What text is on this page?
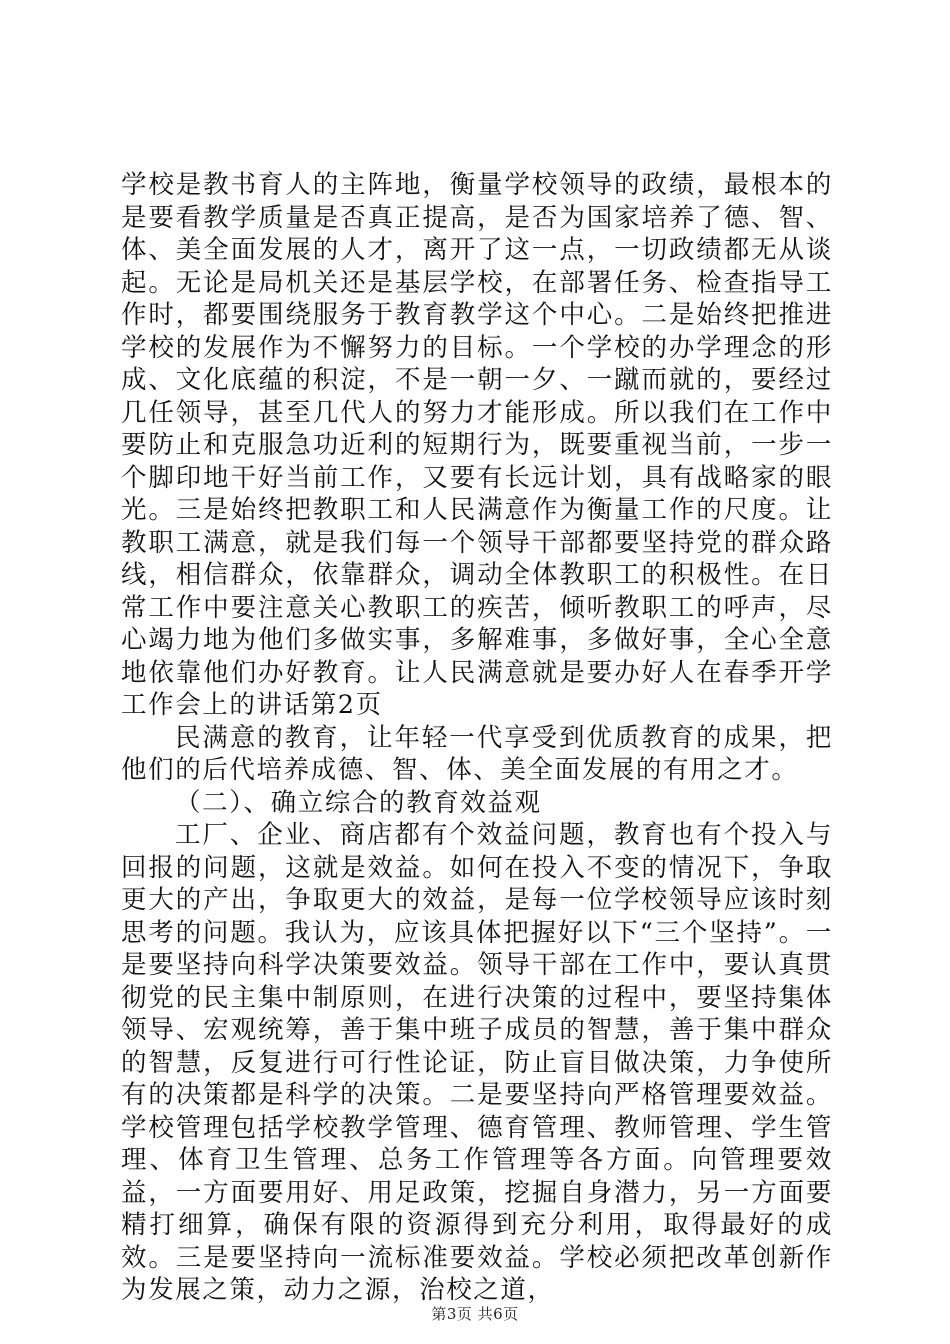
学校是教书育人的主阵地，衡量学校领导的政绩，最根本的是要看教学质量是否真正提高，是否为国家培养了德、智、体、美全面发展的人才，离开了这一点，一切政绩都无从谈起。无论是局机关还是基层学校，在部署任务、检查指导工作时，都要围绕服务于教育教学这个中心。二是始终把推进学校的发展作为不懈努力的目标。一个学校的办学理念的形成、文化底蕴的积淀，不是一朝一夕、一蹴而就的，要经过几任领导，甚至几代人的努力才能形成。所以我们在工作中要防止和克服急功近利的短期行为，既要重视当前，一步一个脚印地干好当前工作，又要有长远计划，具有战略家的眼光。三是始终把教职工和人民满意作为衡量工作的尺度。让教职工满意，就是我们每一个领导干部都要坚持党的群众路线，相信群众，依靠群众，调动全体教职工的积极性。在日常工作中要注意关心教职工的疾苦，倾听教职工的呼声，尽心竭力地为他们多做实事，多解难事，多做好事，全心全意地依靠他们办好教育。让人民满意就是要办好人在春季开学工作会上的讲话第2页

民满意的教育，让年轻一代享受到优质教育的成果，把他们的后代培养成德、智、体、美全面发展的有用之才。

（二）、确立综合的教育效益观

工厂、企业、商店都有个效益问题，教育也有个投入与回报的问题，这就是效益。如何在投入不变的情况下，争取更大的产出，争取更大的效益，是每一位学校领导应该时刻思考的问题。我认为，应该具体把握好以下“三个坚持”。一是要坚持向科学决策要效益。领导干部在工作中，要认真贯彻党的民主集中制原则，在进行决策的过程中，要坚持集体领导、宏观统筹，善于集中班子成员的智慧，善于集中群众的智慧，反复进行可行性论证，防止盲目做决策，力争使所有的决策都是科学的决策。二是要坚持向严格管理要效益。学校管理包括学校教学管理、德育管理、教师管理、学生管理、体育卫生管理、总务工作管理等各方面。向管理要效益，一方面要用好、用足政策，挖掘自身潜力，另一方面要精打细算，确保有限的资源得到充分利用，取得最好的成效。三是要坚持向一流标准要效益。学校必须把改革创新作为发展之策，动力之源，治校之道，

第3页 共6页
